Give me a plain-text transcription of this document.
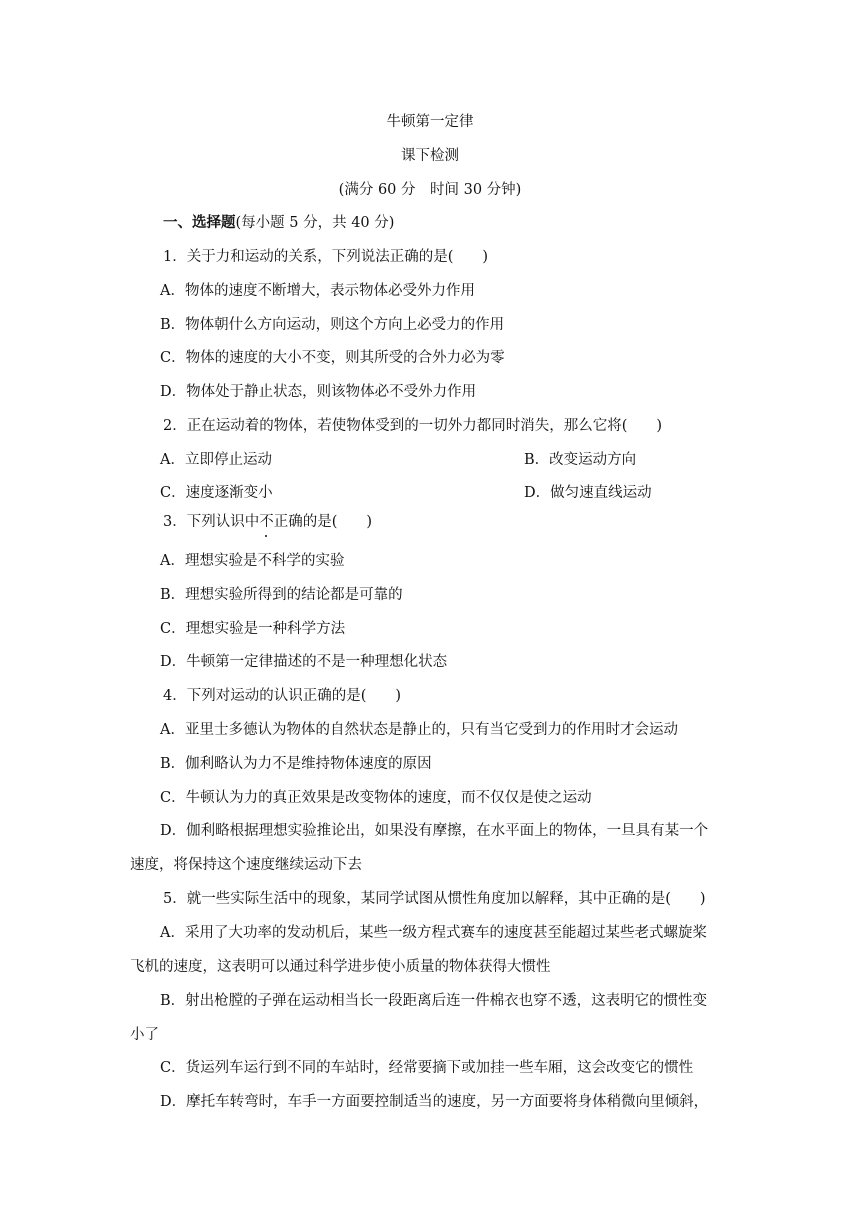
牛顿第一定律
课下检测
(满分 60 分　时间 30 分钟)
一、选择题(每小题 5 分，共 40 分)
1．关于力和运动的关系，下列说法正确的是(　　)
A．物体的速度不断增大，表示物体必受外力作用
B．物体朝什么方向运动，则这个方向上必受力的作用
C．物体的速度的大小不变，则其所受的合外力必为零
D．物体处于静止状态，则该物体必不受外力作用
2．正在运动着的物体，若使物体受到的一切外力都同时消失，那么它将(　　)
A．立即停止运动	B．改变运动方向
C．速度逐渐变小	D．做匀速直线运动
3．下列认识中不正确的是(　　)
A．理想实验是不科学的实验
B．理想实验所得到的结论都是可靠的
C．理想实验是一种科学方法
D．牛顿第一定律描述的不是一种理想化状态
4．下列对运动的认识正确的是(　　)
A．亚里士多德认为物体的自然状态是静止的，只有当它受到力的作用时才会运动
B．伽利略认为力不是维持物体速度的原因
C．牛顿认为力的真正效果是改变物体的速度，而不仅仅是使之运动
D．伽利略根据理想实验推论出，如果没有摩擦，在水平面上的物体，一旦具有某一个
速度，将保持这个速度继续运动下去
5．就一些实际生活中的现象，某同学试图从惯性角度加以解释，其中正确的是(　　)
A．采用了大功率的发动机后，某些一级方程式赛车的速度甚至能超过某些老式螺旋桨
飞机的速度，这表明可以通过科学进步使小质量的物体获得大惯性
B．射出枪膛的子弹在运动相当长一段距离后连一件棉衣也穿不透，这表明它的惯性变
小了
C．货运列车运行到不同的车站时，经常要摘下或加挂一些车厢，这会改变它的惯性
D．摩托车转弯时，车手一方面要控制适当的速度，另一方面要将身体稍微向里倾斜，
